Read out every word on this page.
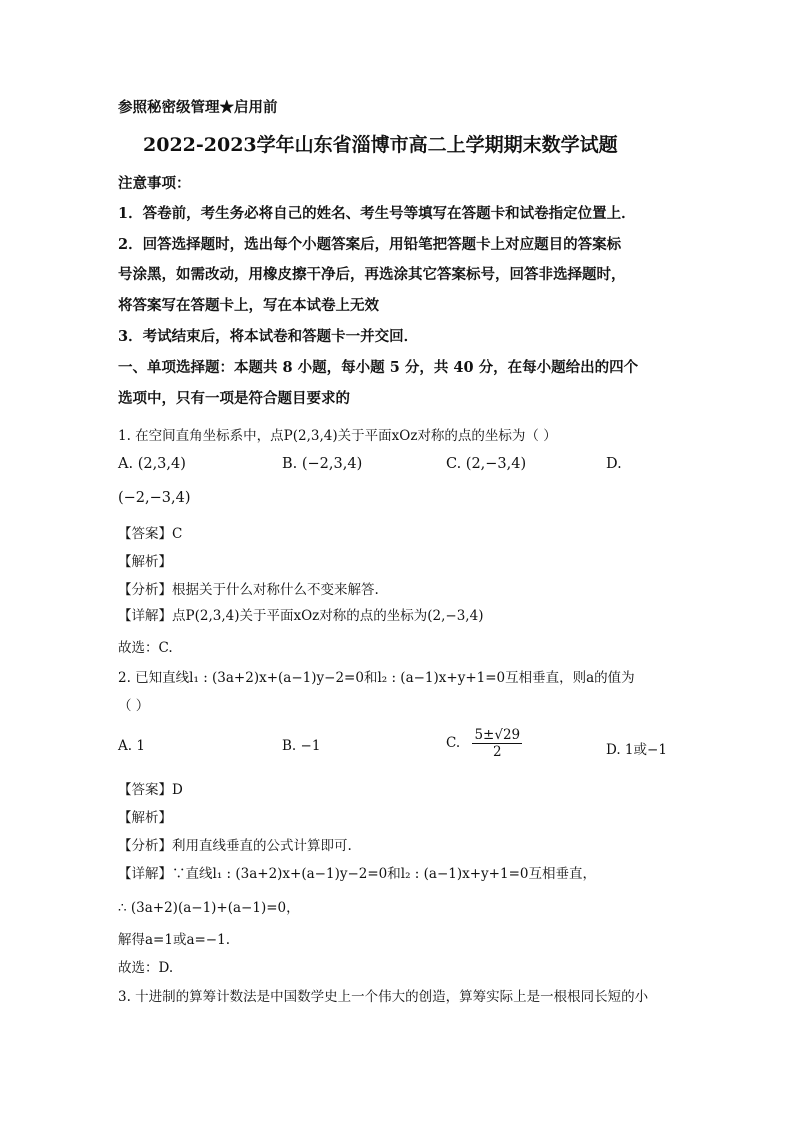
参照秘密级管理★启用前
2022-2023学年山东省淄博市高二上学期期末数学试题
注意事项：
1．答卷前，考生务必将自己的姓名、考生号等填写在答题卡和试卷指定位置上．
2．回答选择题时，选出每个小题答案后，用铅笔把答题卡上对应题目的答案标
号涂黑，如需改动，用橡皮擦干净后，再选涂其它答案标号，回答非选择题时，
将答案写在答题卡上，写在本试卷上无效
3．考试结束后，将本试卷和答题卡一并交回．
一、单项选择题：本题共 8 小题，每小题 5 分，共 40 分，在每小题给出的四个
选项中，只有一项是符合题目要求的
1. 在空间直角坐标系中，点P(2,3,4)关于平面xOz对称的点的坐标为（ ）
A. (2,3,4)	B. (−2,3,4)	C. (2,−3,4)	D.
(−2,−3,4)
【答案】C
【解析】
【分析】根据关于什么对称什么不变来解答.
【详解】点P(2,3,4)关于平面xOz对称的点的坐标为(2,−3,4)
故选：C.
2. 已知直线l₁ : (3a+2)x+(a−1)y−2=0和l₂ : (a−1)x+y+1=0互相垂直，则a的值为
（ ）
A. 1	B. −1	C. $\frac{5\pm√29}{2}$	D. 1或−1
【答案】D
【解析】
【分析】利用直线垂直的公式计算即可.
【详解】∵直线l₁ : (3a+2)x+(a−1)y−2=0和l₂ : (a−1)x+y+1=0互相垂直，
∴ (3a+2)(a−1)+(a−1)=0，
解得a=1或a=−1.
故选：D.
3. 十进制的算筹计数法是中国数学史上一个伟大的创造，算筹实际上是一根根同长短的小
